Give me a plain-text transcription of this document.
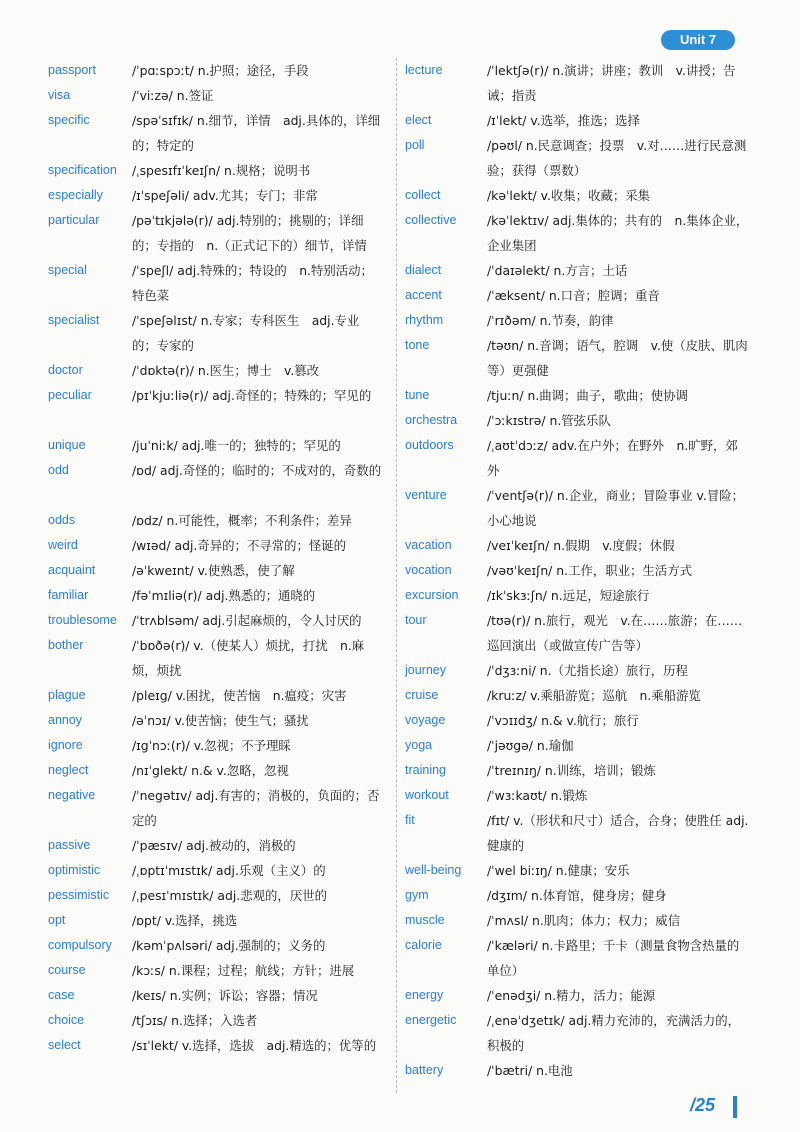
Unit 7
passport	/ˈpɑːspɔːt/ n.护照；途径，手段
visa	/ˈviːzə/ n.签证
specific	/spəˈsɪfɪk/ n.细节，详情　adj.具体的，详细的；特定的
specification /ˌspesɪfɪˈkeɪʃn/ n.规格；说明书
especially /ɪˈspeʃəli/ adv.尤其；专门；非常
particular	/pəˈtɪkjələ(r)/ adj.特别的；挑剔的；详细的；专指的　n.（正式记下的）细节，详情
special	/ˈspeʃl/ adj.特殊的；特设的　n.特别活动；特色菜
specialist	/ˈspeʃəlɪst/ n.专家；专科医生　adj.专业的；专家的
doctor	/ˈdɒktə(r)/ n.医生；博士　v.篡改
peculiar	/pɪˈkjuːliə(r)/ adj.奇怪的；特殊的；罕见的
unique	/juˈniːk/ adj.唯一的；独特的；罕见的
odd	/ɒd/ adj.奇怪的；临时的；不成对的，奇数的
odds	/ɒdz/ n.可能性，概率；不利条件；差异
weird	/wɪəd/ adj.奇异的；不寻常的；怪诞的
acquaint	/əˈkweɪnt/ v.使熟悉，使了解
familiar	/fəˈmɪliə(r)/ adj.熟悉的；通晓的
troublesome /ˈtrʌblsəm/ adj.引起麻烦的，令人讨厌的
bother	/ˈbɒðə(r)/ v.（使某人）烦扰，打扰　n.麻烦，烦扰
plague	/pleɪg/ v.困扰，使苦恼　n.瘟疫；灾害
annoy	/əˈnɔɪ/ v.使苦恼；使生气；骚扰
ignore	/ɪgˈnɔː(r)/ v.忽视；不予理睬
neglect	/nɪˈglekt/ n.& v.忽略，忽视
negative	/ˈnegətɪv/ adj.有害的；消极的，负面的；否定的
passive	/ˈpæsɪv/ adj.被动的，消极的
optimistic	/ˌɒptɪˈmɪstɪk/ adj.乐观（主义）的
pessimistic /ˌpesɪˈmɪstɪk/ adj.悲观的，厌世的
opt	/ɒpt/ v.选择，挑选
compulsory /kəmˈpʌlsəri/ adj.强制的；义务的
course	/kɔːs/ n.课程；过程；航线；方针；进展
case	/keɪs/ n.实例；诉讼；容器；情况
choice	/tʃɔɪs/ n.选择；入选者
select	/sɪˈlekt/ v.选择，选拔　adj.精选的；优等的
lecture	/ˈlektʃə(r)/ n.演讲；讲座；教训　v.讲授；告诫；指责
elect	/ɪˈlekt/ v.选举，推选；选择
poll	/pəʊl/ n.民意调查；投票　v.对……进行民意测验；获得（票数）
collect	/kəˈlekt/ v.收集；收藏；采集
collective /kəˈlektɪv/ adj.集体的；共有的　n.集体企业，企业集团
dialect	/ˈdaɪəlekt/ n.方言；土话
accent	/ˈæksent/ n.口音；腔调；重音
rhythm	/ˈrɪðəm/ n.节奏，韵律
tone	/təʊn/ n.音调；语气，腔调　v.使（皮肤、肌肉等）更强健
tune	/tjuːn/ n.曲调；曲子，歌曲；使协调
orchestra /ˈɔːkɪstrə/ n.管弦乐队
outdoors	/ˌaʊtˈdɔːz/ adv.在户外；在野外　n.旷野，郊外
venture	/ˈventʃə(r)/ n.企业，商业；冒险事业 v.冒险；小心地说
vacation	/veɪˈkeɪʃn/ n.假期　v.度假；休假
vocation	/vəʊˈkeɪʃn/ n.工作，职业；生活方式
excursion /ɪkˈskɜːʃn/ n.远足，短途旅行
tour	/tʊə(r)/ n.旅行，观光　v.在……旅游；在……巡回演出（或做宣传广告等）
journey	/ˈdʒɜːni/ n.（尤指长途）旅行，历程
cruise	/kruːz/ v.乘船游览；巡航　n.乘船游览
voyage	/ˈvɔɪɪdʒ/ n.& v.航行；旅行
yoga	/ˈjəʊgə/ n.瑜伽
training	/ˈtreɪnɪŋ/ n.训练，培训；锻炼
workout	/ˈwɜːkaʊt/ n.锻炼
fit	/fɪt/ v.（形状和尺寸）适合，合身；使胜任 adj.健康的
well-being /ˈwel biːɪŋ/ n.健康；安乐
gym	/dʒɪm/ n.体育馆，健身房；健身
muscle	/ˈmʌsl/ n.肌肉；体力；权力；威信
calorie	/ˈkæləri/ n.卡路里；千卡（测量食物含热量的单位）
energy	/ˈenədʒi/ n.精力，活力；能源
energetic /ˌenəˈdʒetɪk/ adj.精力充沛的，充满活力的，积极的
battery	/ˈbætri/ n.电池
/25
